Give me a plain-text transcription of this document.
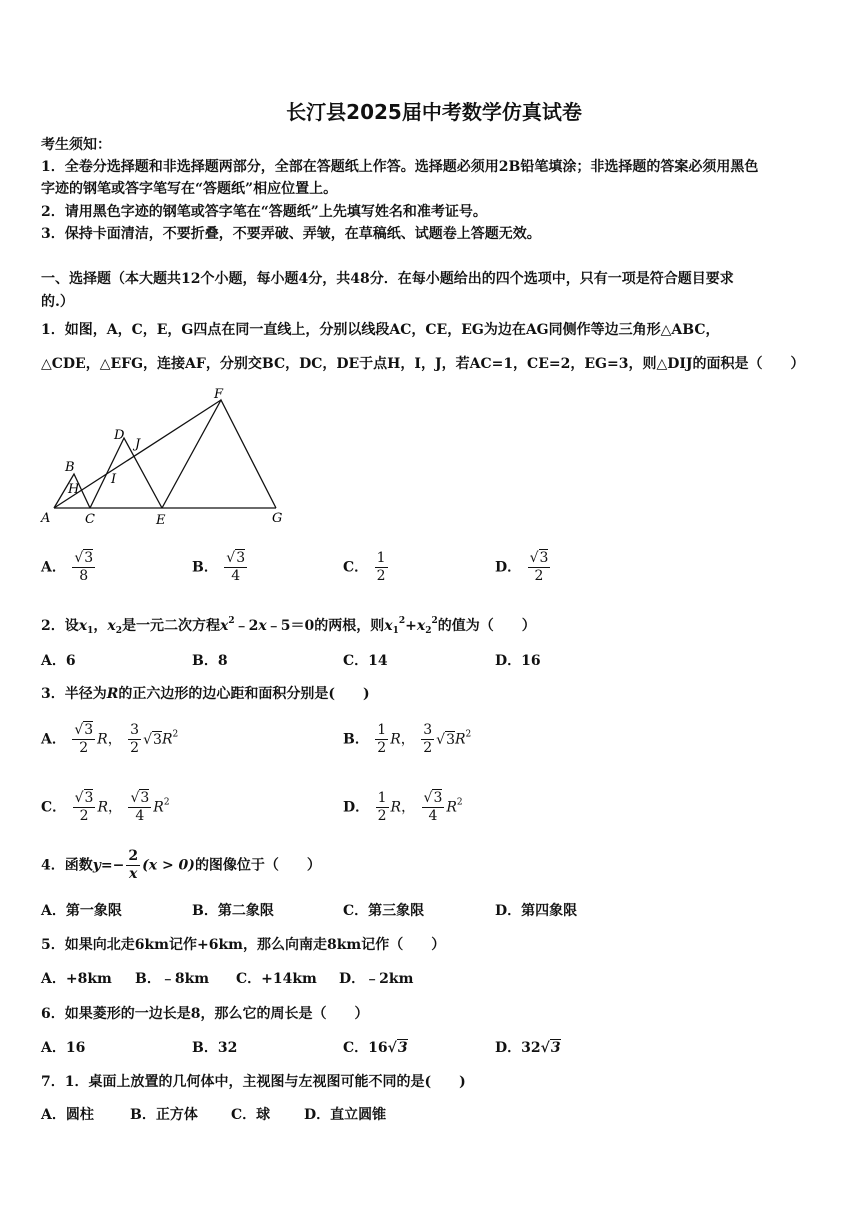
长汀县2025届中考数学仿真试卷
考生须知：
1．全卷分选择题和非选择题两部分，全部在答题纸上作答。选择题必须用2B铅笔填涂；非选择题的答案必须用黑色
字迹的钢笔或答字笔写在“答题纸”相应位置上。
2．请用黑色字迹的钢笔或答字笔在“答题纸”上先填写姓名和准考证号。
3．保持卡面清洁，不要折叠，不要弄破、弄皱，在草稿纸、试题卷上答题无效。
一、选择题（本大题共12个小题，每小题4分，共48分．在每小题给出的四个选项中，只有一项是符合题目要求
的.）
1．如图，A，C，E，G四点在同一直线上，分别以线段AC，CE，EG为边在AG同侧作等边三角形△ABC，
△CDE，△EFG，连接AF，分别交BC，DC，DE于点H，I，J，若AC=1，CE=2，EG=3，则△DIJ的面积是（　　）
A
B
C
D
E
F
G
H
I
J
A． $\frac{√3}{8}$	B． $\frac{√3}{4}$	C． $\frac{1}{2}$	D． $\frac{√3}{2}$
2．设$x_1$，$x_2$是一元二次方程$x^2﹣2x﹣5=0$的两根，则$x_1^2+x_2^2$的值为（　　）
A．6	B．8	C．14	D．16
3．半径为R的正六边形的边心距和面积分别是(　　)
A． $\frac{√3}{2}$ R， $\frac{3}{2} √3R^2$	B． $\frac{1}{2}$ R， $\frac{3}{2} √3R^2$
C． $\frac{√3}{2}$ R， $\frac{√3}{4} R^2$	D． $\frac{1}{2}$ R， $\frac{√3}{4} R^2$
4．函数$y=- \frac{2}{x} (x > 0)$的图像位于（　　）
A．第一象限	B．第二象限	C．第三象限	D．第四象限
5．如果向北走6km记作+6km，那么向南走8km记作（　　）
A．+8km B．﹣8km C．+14km D．﹣2km
6．如果菱形的一边长是8，那么它的周长是（　　）
A．16	B．32	C．16√3	D．32√3
7．1．桌面上放置的几何体中，主视图与左视图可能不同的是(　　)
A．圆柱	B．正方体 C．球 D．直立圆锥
